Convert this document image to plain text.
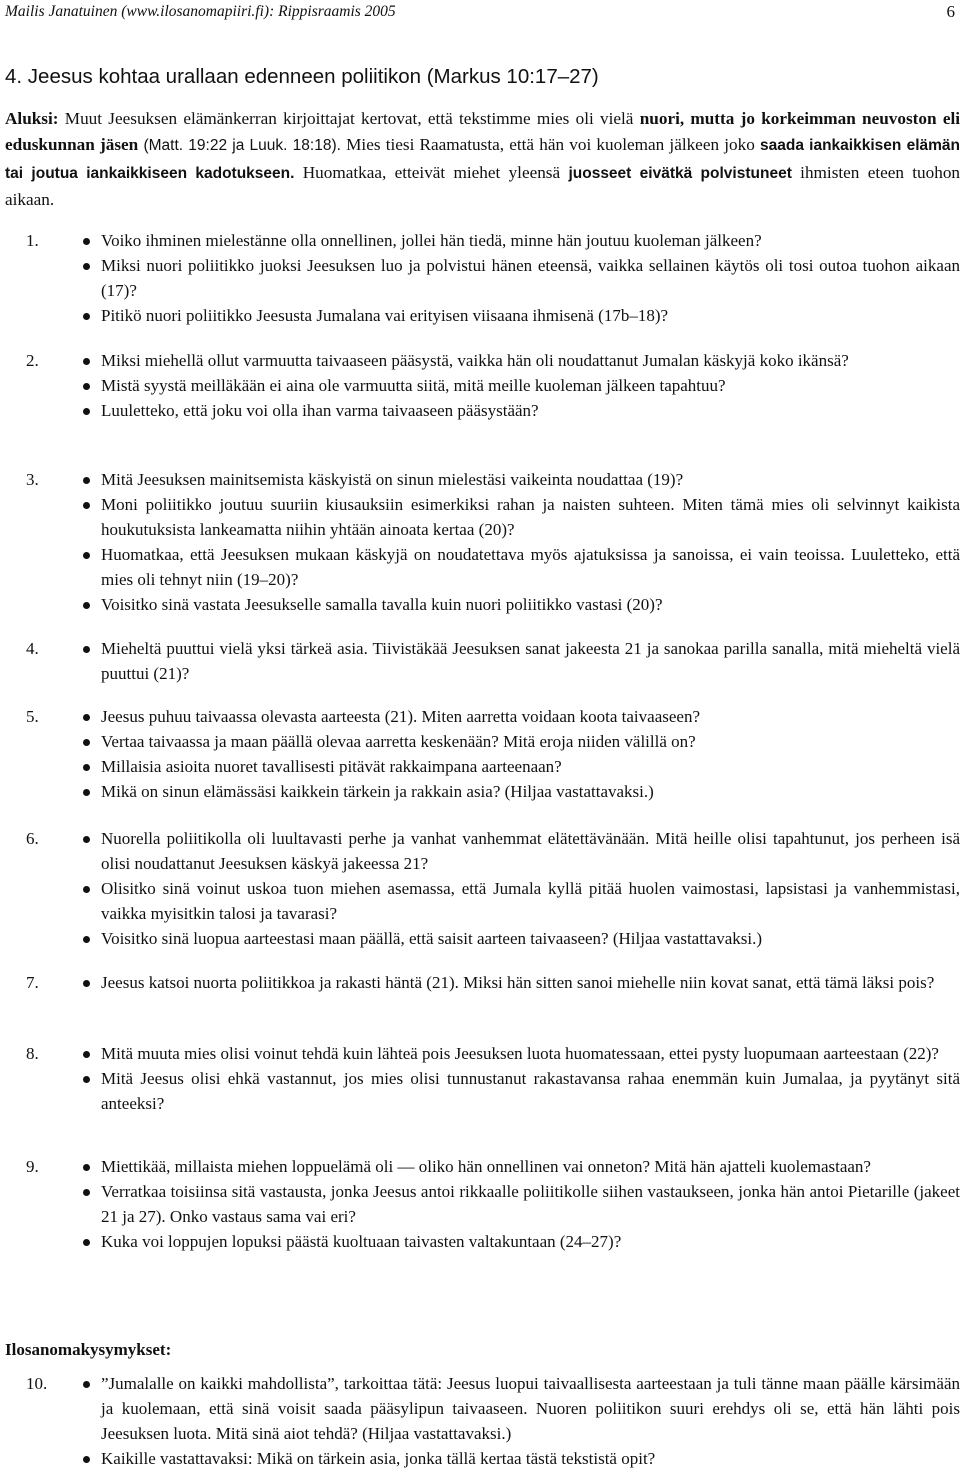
Mailis Janatuinen (www.ilosanomapiiri.fi): Rippisraamis 2005	6
4. Jeesus kohtaa urallaan edenneen poliitikon (Markus 10:17–27)

Aluksi: Muut Jeesuksen elämänkerran kirjoittajat kertovat, että tekstimme mies oli vielä nuori, mutta jo korkeimman neuvoston eli eduskunnan jäsen (Matt. 19:22 ja Luuk. 18:18). Mies tiesi Raamatusta, että hän voi kuoleman jälkeen joko saada iankaikkisen elämän tai joutua iankaikkiseen kadotukseen. Huomatkaa, etteivät miehet yleensä juosseet eivätkä polvistuneet ihmisten eteen tuohon aikaan.

1.	Voiko ihminen mielestänne olla onnellinen, jollei hän tiedä, minne hän joutuu kuoleman jälkeen?
Miksi nuori poliitikko juoksi Jeesuksen luo ja polvistui hänen eteensä, vaikka sellainen käytös oli tosi outoa tuohon aikaan (17)?
Pitikö nuori poliitikko Jeesusta Jumalana vai erityisen viisaana ihmisenä (17b–18)?
2.	Miksi miehellä ollut varmuutta taivaaseen pääsystä, vaikka hän oli noudattanut Jumalan käskyjä koko ikänsä?
Mistä syystä meilläkään ei aina ole varmuutta siitä, mitä meille kuoleman jälkeen tapahtuu?
Luuletteko, että joku voi olla ihan varma taivaaseen pääsystään?
3.	Mitä Jeesuksen mainitsemista käskyistä on sinun mielestäsi vaikeinta noudattaa (19)?
Moni poliitikko joutuu suuriin kiusauksiin esimerkiksi rahan ja naisten suhteen. Miten tämä mies oli selvinnyt kaikista houkutuksista lankeamatta niihin yhtään ainoata kertaa (20)?
Huomatkaa, että Jeesuksen mukaan käskyjä on noudatettava myös ajatuksissa ja sanoissa, ei vain teoissa. Luuletteko, että mies oli tehnyt niin (19–20)?
Voisitko sinä vastata Jeesukselle samalla tavalla kuin nuori poliitikko vastasi (20)?
4.	Mieheltä puuttui vielä yksi tärkeä asia. Tiivistäkää Jeesuksen sanat jakeesta 21 ja sanokaa parilla sanalla, mitä mieheltä vielä puuttui (21)?
5.	Jeesus puhuu taivaassa olevasta aarteesta (21). Miten aarretta voidaan koota taivaaseen?
Vertaa taivaassa ja maan päällä olevaa aarretta keskenään? Mitä eroja niiden välillä on?
Millaisia asioita nuoret tavallisesti pitävät rakkaimpana aarteenaan?
Mikä on sinun elämässäsi kaikkein tärkein ja rakkain asia? (Hiljaa vastattavaksi.)
6.	Nuorella poliitikolla oli luultavasti perhe ja vanhat vanhemmat elätettävänään. Mitä heille olisi tapahtunut, jos perheen isä olisi noudattanut Jeesuksen käskyä jakeessa 21?
Olisitko sinä voinut uskoa tuon miehen asemassa, että Jumala kyllä pitää huolen vaimostasi, lapsistasi ja vanhemmistasi, vaikka myisitkin talosi ja tavarasi?
Voisitko sinä luopua aarteestasi maan päällä, että saisit aarteen taivaaseen? (Hiljaa vastattavaksi.)
7.	Jeesus katsoi nuorta poliitikkoa ja rakasti häntä (21). Miksi hän sitten sanoi miehelle niin kovat sanat, että tämä läksi pois?
8.	Mitä muuta mies olisi voinut tehdä kuin lähteä pois Jeesuksen luota huomatessaan, ettei pysty luopumaan aarteestaan (22)?
Mitä Jeesus olisi ehkä vastannut, jos mies olisi tunnustanut rakastavansa rahaa enemmän kuin Jumalaa, ja pyytänyt sitä anteeksi?
9.	Miettikää, millaista miehen loppuelämä oli — oliko hän onnellinen vai onneton? Mitä hän ajatteli kuolemastaan?
Verratkaa toisiinsa sitä vastausta, jonka Jeesus antoi rikkaalle poliitikolle siihen vastaukseen, jonka hän antoi Pietarille (jakeet 21 ja 27). Onko vastaus sama vai eri?
Kuka voi loppujen lopuksi päästä kuoltuaan taivasten valtakuntaan (24–27)?
Ilosanomakysymykset:
10.	”Jumalalle on kaikki mahdollista”, tarkoittaa tätä: Jeesus luopui taivaallisesta aarteestaan ja tuli tänne maan päälle kärsimään ja kuolemaan, että sinä voisit saada pääsylipun taivaaseen. Nuoren poliitikon suuri erehdys oli se, että hän lähti pois Jeesuksen luota. Mitä sinä aiot tehdä? (Hiljaa vastattavaksi.)
Kaikille vastattavaksi: Mikä on tärkein asia, jonka tällä kertaa tästä tekstistä opit?
